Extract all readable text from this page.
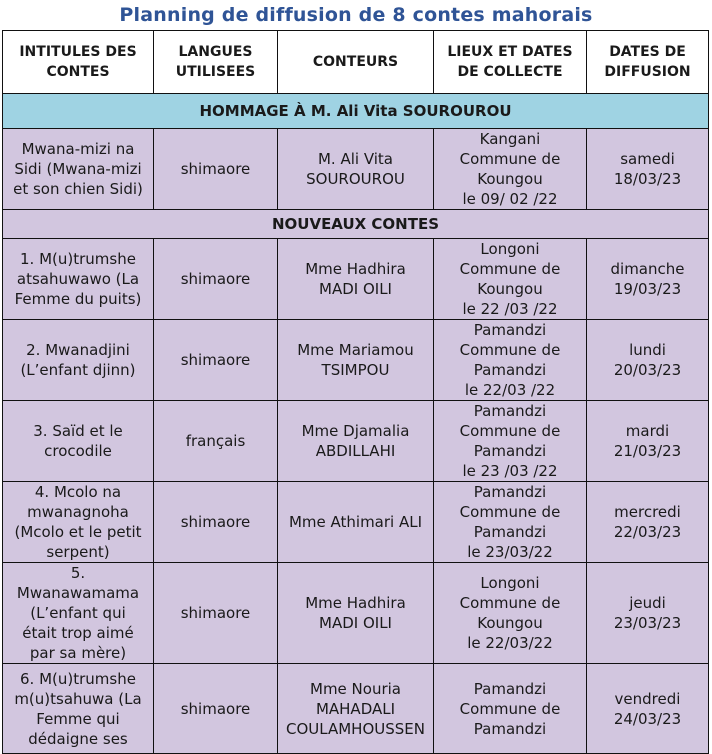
Planning de diffusion de 8 contes mahorais
INTITULES DES CONTES	LANGUES UTILISEES	CONTEURS	LIEUX ET DATES DE COLLECTE	DATES DE DIFFUSION
HOMMAGE À M. Ali Vita SOUROUROU				

Mwana-mizi na
Sidi (Mwana-mizi
et son chien Sidi)	shimaore	M. Ali Vita
SOUROUROU	Kangani
Commune de
Koungou
le 09/ 02 /22	samedi
18/03/23

NOUVEAUX CONTES				

1. M(u)trumshe
atsahuwawo (La
Femme du puits)	shimaore	Mme Hadhira
MADI OILI	Longoni
Commune de
Koungou
le 22 /03 /22	dimanche
19/03/23

2. Mwanadjini
(L’enfant djinn)	shimaore	Mme Mariamou
TSIMPOU	Pamandzi
Commune de
Pamandzi
le 22/03 /22	lundi
20/03/23

3. Saïd et le
crocodile	français	Mme Djamalia
ABDILLAHI	Pamandzi
Commune de
Pamandzi
le 23 /03 /22	mardi
21/03/23

4. Mcolo na
mwanagnoha
(Mcolo et le petit
serpent)	shimaore	Mme Athimari ALI	Pamandzi
Commune de
Pamandzi
le 23/03/22	mercredi
22/03/23

5.
Mwanawamama
(L’enfant qui
était trop aimé
par sa mère)	shimaore	Mme Hadhira
MADI OILI	Longoni
Commune de
Koungou
le 22/03/22	jeudi
23/03/23

6. M(u)trumshe
m(u)tsahuwa (La
Femme qui
dédaigne ses	shimaore	Mme Nouria
MAHADALI
COULAMHOUSSEN	Pamandzi
Commune de
Pamandzi	vendredi
24/03/23
